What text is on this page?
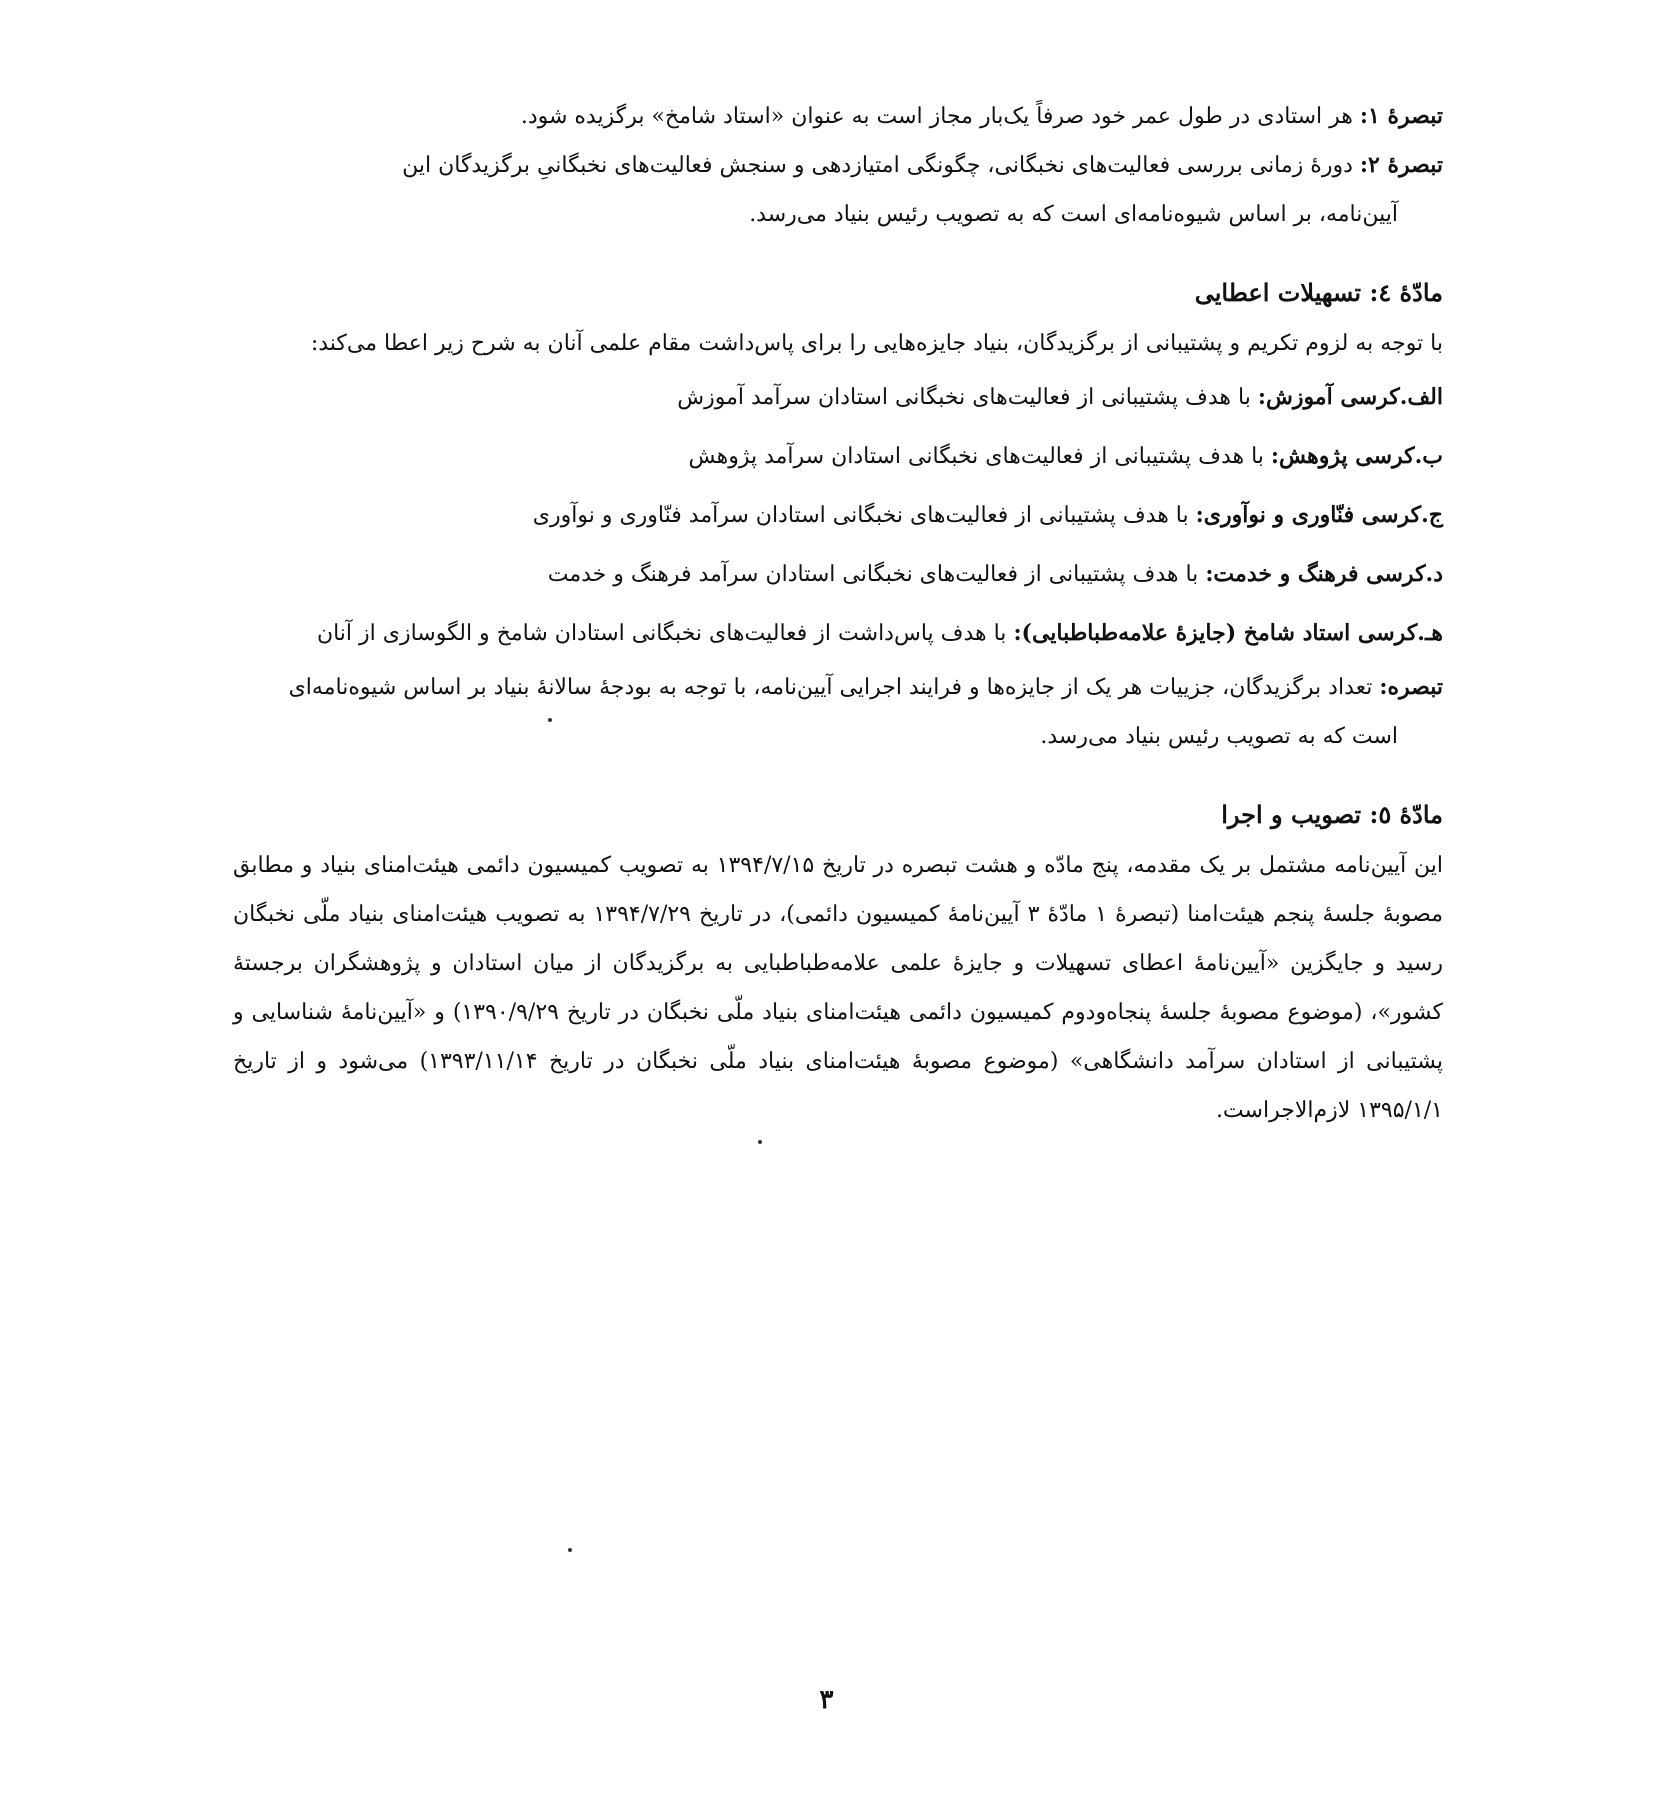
تبصرهٔ ۱: هر استادی در طول عمر خود صرفاً یک‌بار مجاز است به عنوان «استاد شامخ» برگزیده شود.

تبصرهٔ ۲: دورهٔ زمانی بررسی فعالیت‌های نخبگانی، چگونگی امتیازدهی و سنجش فعالیت‌های نخبگانیِ برگزیدگان این
آیین‌نامه، بر اساس شیوه‌نامه‌ای است که به تصویب رئیس بنیاد می‌رسد.

مادّهٔ ٤: تسهیلات اعطایی

با توجه به لزوم تکریم و پشتیبانی از برگزیدگان، بنیاد جایزه‌هایی را برای پاس‌داشت مقام علمی آنان به شرح زیر اعطا می‌کند:

الف.کرسی آموزش: با هدف پشتیبانی از فعالیت‌های نخبگانی استادان سرآمد آموزش
ب.کرسی پژوهش: با هدف پشتیبانی از فعالیت‌های نخبگانی استادان سرآمد پژوهش
ج.کرسی فنّاوری و نوآوری: با هدف پشتیبانی از فعالیت‌های نخبگانی استادان سرآمد فنّاوری و نوآوری
د.کرسی فرهنگ و خدمت: با هدف پشتیبانی از فعالیت‌های نخبگانی استادان سرآمد فرهنگ و خدمت
هـ.کرسی استاد شامخ (جایزهٔ علامه‌طباطبایی): با هدف پاس‌داشت از فعالیت‌های نخبگانی استادان شامخ و الگوسازی از آنان

تبصره: تعداد برگزیدگان، جزییات هر یک از جایزه‌ها و فرایند اجرایی آیین‌نامه، با توجه به بودجهٔ سالانهٔ بنیاد بر اساس شیوه‌نامه‌ای
است که به تصویب رئیس بنیاد می‌رسد.

مادّهٔ ٥: تصویب و اجرا

این آیین‌نامه مشتمل بر یک مقدمه، پنج مادّه و هشت تبصره در تاریخ ۱۳۹۴/۷/۱۵ به تصویب کمیسیون دائمی هیئت‌امنای بنیاد و مطابق مصوبهٔ جلسهٔ پنجم هیئت‌امنا (تبصرهٔ ۱ مادّهٔ ۳ آیین‌نامهٔ کمیسیون دائمی)، در تاریخ ۱۳۹۴/۷/۲۹ به تصویب هیئت‌امنای بنیاد ملّی نخبگان رسید و جایگزین «آیین‌نامهٔ اعطای تسهیلات و جایزهٔ علمی علامه‌طباطبایی به برگزیدگان از میان استادان و پژوهشگران برجستهٔ کشور»، (موضوع مصوبهٔ جلسهٔ پنجاه‌ودوم کمیسیون دائمی هیئت‌امنای بنیاد ملّی نخبگان در تاریخ ۱۳۹۰/۹/۲۹) و «آیین‌نامهٔ شناسایی و پشتیبانی از استادان سرآمد دانشگاهی» (موضوع مصوبهٔ هیئت‌امنای بنیاد ملّی نخبگان در تاریخ ۱۳۹۳/۱۱/۱۴) می‌شود و از تاریخ ۱۳۹۵/۱/۱ لازم‌الاجراست.

۳
